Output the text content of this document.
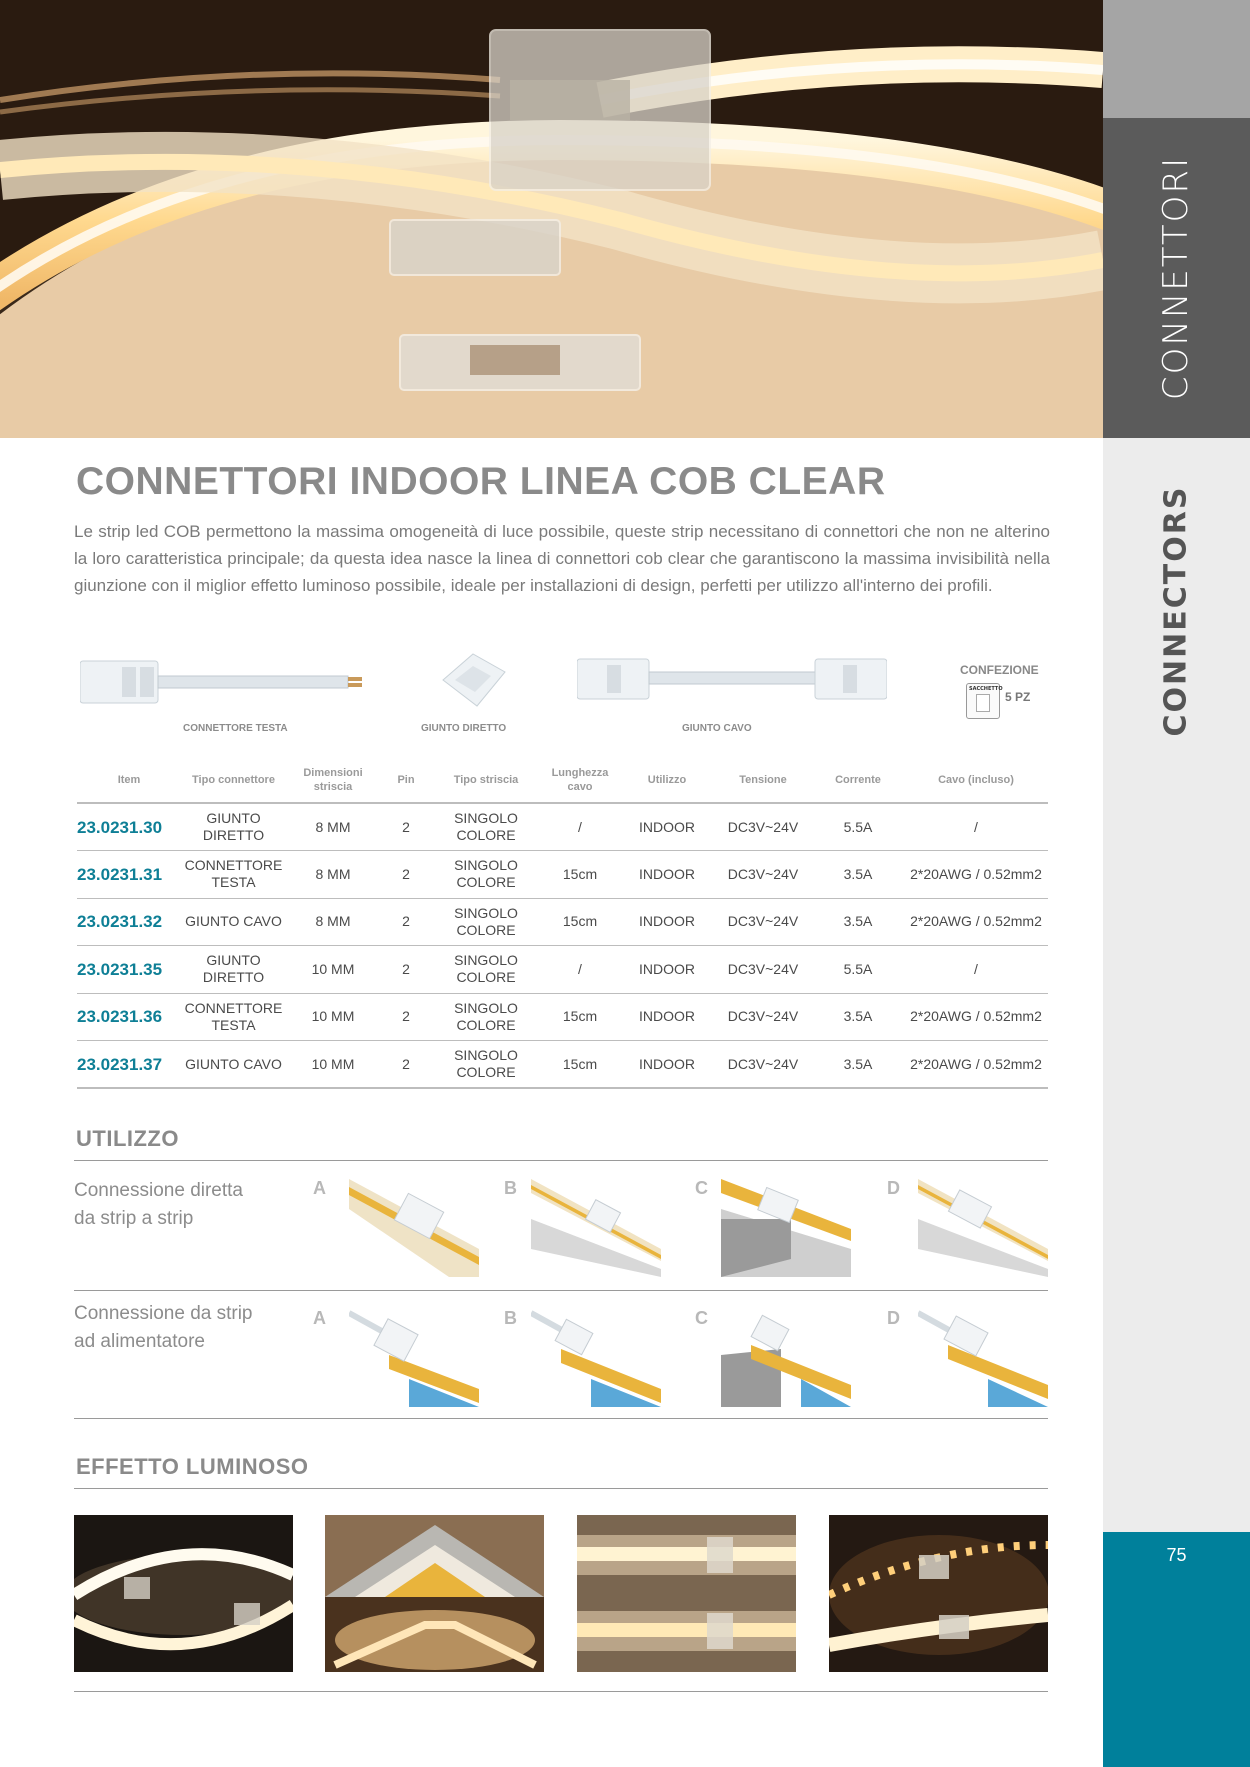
CONNETTORI
CONNECTORS
75
CONNETTORI INDOOR LINEA COB CLEAR
Le strip led COB permettono la massima omogeneità di luce possibile, queste strip necessitano di connettori che non ne alterino la loro caratteristica principale; da questa idea nasce la linea di connettori cob clear che garantiscono la massima invisibilità nella giunzione con il miglior effetto luminoso possibile, ideale per installazioni di design, perfetti per utilizzo all'interno dei profili.
CONNETTORE TESTA	GIUNTO DIRETTO	GIUNTO CAVO
CONFEZIONE
SACCHETTO
5 PZ
Item	Tipo connettore	Dimensioni striscia	Pin	Tipo striscia	Lunghezza cavo	Utilizzo	Tensione	Corrente	Cavo (incluso)
23.0231.30	GIUNTO DIRETTO	8 MM	2	SINGOLO COLORE	/	INDOOR	DC3V~24V	5.5A	/
23.0231.31	CONNETTORE TESTA	8 MM	2	SINGOLO COLORE	15cm	INDOOR	DC3V~24V	3.5A	2*20AWG / 0.52mm2
23.0231.32	GIUNTO CAVO	8 MM	2	SINGOLO COLORE	15cm	INDOOR	DC3V~24V	3.5A	2*20AWG / 0.52mm2
23.0231.35	GIUNTO DIRETTO	10 MM	2	SINGOLO COLORE	/	INDOOR	DC3V~24V	5.5A	/
23.0231.36	CONNETTORE TESTA	10 MM	2	SINGOLO COLORE	15cm	INDOOR	DC3V~24V	3.5A	2*20AWG / 0.52mm2
23.0231.37	GIUNTO CAVO	10 MM	2	SINGOLO COLORE	15cm	INDOOR	DC3V~24V	3.5A	2*20AWG / 0.52mm2
UTILIZZO
Connessione diretta da strip a strip
A	B	C	D
Connessione da strip ad alimentatore
A	B	C	D
EFFETTO LUMINOSO
